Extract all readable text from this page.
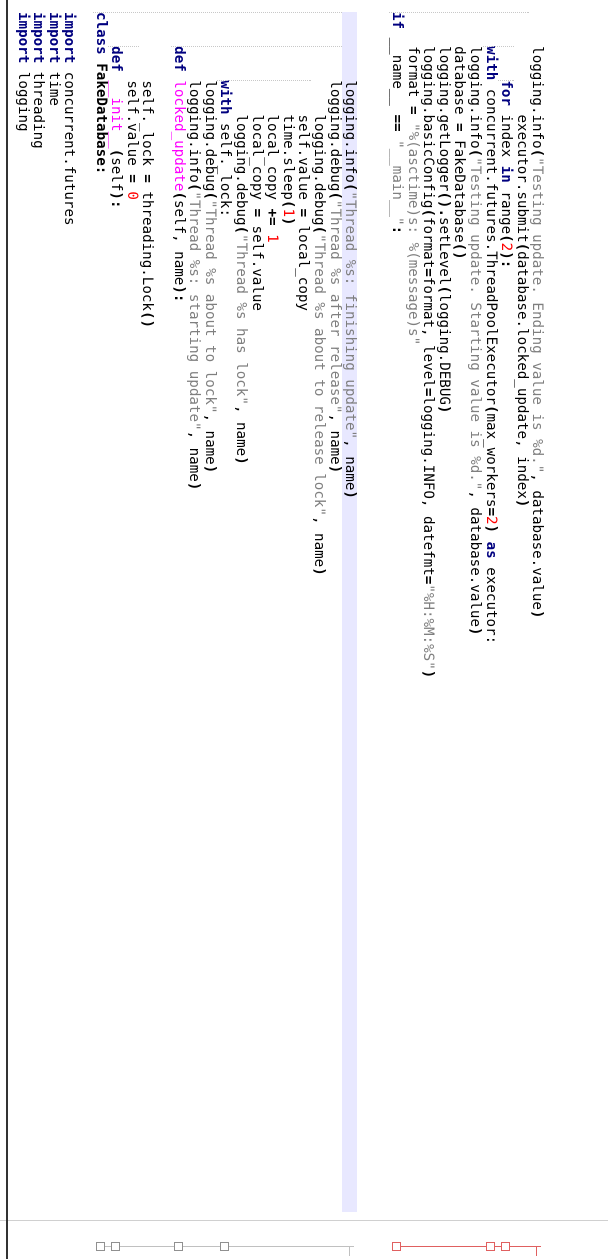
import logging
import threading
import time
import concurrent.futures
class FakeDatabase:
def __init__(self):
self.value = 0
self._lock = threading.Lock()
def locked_update(self, name):
logging.info("Thread %s: starting update", name)
logging.debug("Thread %s about to lock", name)
with self._lock: logging.debug("Thread %s has lock", name)
local_copy = self.value
local_copy += 1
time.sleep(1)
self.value = local_copy
logging.debug("Thread %s about to release lock", name)
logging.debug("Thread %s after release", name)
logging.info("Thread %s: finishing update", name)
if __name__ == "__main__":
format = "%(asctime)s: %(message)s"
logging.basicConfig(format=format, level=logging.INFO, datefmt="%H:%M:%S")
logging.getLogger().setLevel(logging.DEBUG)
database = FakeDatabase()
logging.info("Testing update. Starting value is %d.", database.value)
with concurrent.futures.ThreadPoolExecutor(max_workers=2) as executor:
for index in range(2):
executor.submit(database.locked_update, index)
logging.info("Testing update. Ending value is %d.", database.value)
